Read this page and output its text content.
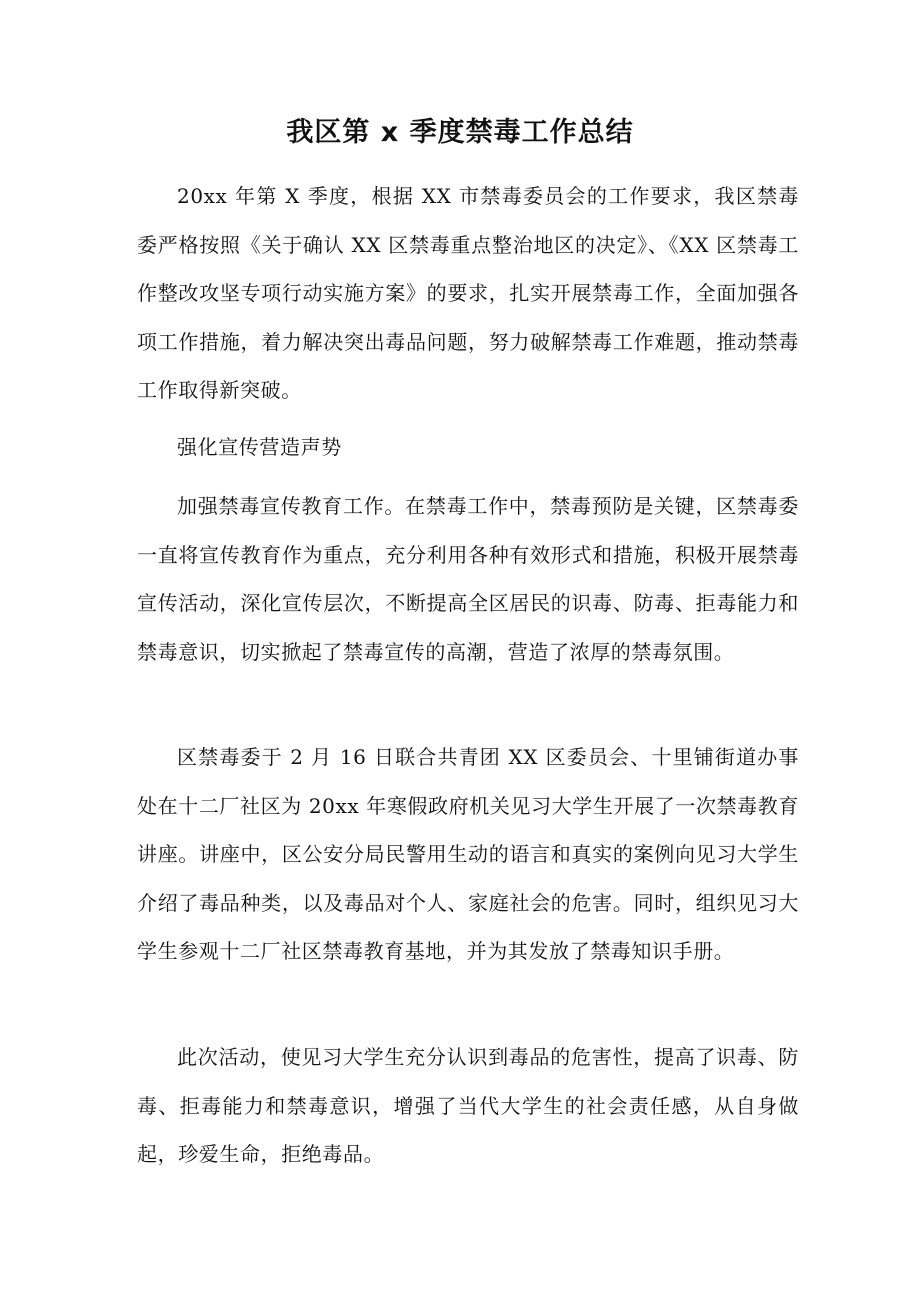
我区第 x 季度禁毒工作总结

20xx 年第 X 季度，根据 XX 市禁毒委员会的工作要求，我区禁毒委严格按照《关于确认 XX 区禁毒重点整治地区的决定》、《XX 区禁毒工作整改攻坚专项行动实施方案》的要求，扎实开展禁毒工作，全面加强各项工作措施，着力解决突出毒品问题，努力破解禁毒工作难题，推动禁毒工作取得新突破。

强化宣传营造声势

加强禁毒宣传教育工作。在禁毒工作中，禁毒预防是关键，区禁毒委一直将宣传教育作为重点，充分利用各种有效形式和措施，积极开展禁毒宣传活动，深化宣传层次，不断提高全区居民的识毒、防毒、拒毒能力和禁毒意识，切实掀起了禁毒宣传的高潮，营造了浓厚的禁毒氛围。

区禁毒委于 2 月 16 日联合共青团 XX 区委员会、十里铺街道办事处在十二厂社区为 20xx 年寒假政府机关见习大学生开展了一次禁毒教育讲座。讲座中，区公安分局民警用生动的语言和真实的案例向见习大学生介绍了毒品种类，以及毒品对个人、家庭社会的危害。同时，组织见习大学生参观十二厂社区禁毒教育基地，并为其发放了禁毒知识手册。

此次活动，使见习大学生充分认识到毒品的危害性，提高了识毒、防毒、拒毒能力和禁毒意识，增强了当代大学生的社会责任感，从自身做起，珍爱生命，拒绝毒品。
